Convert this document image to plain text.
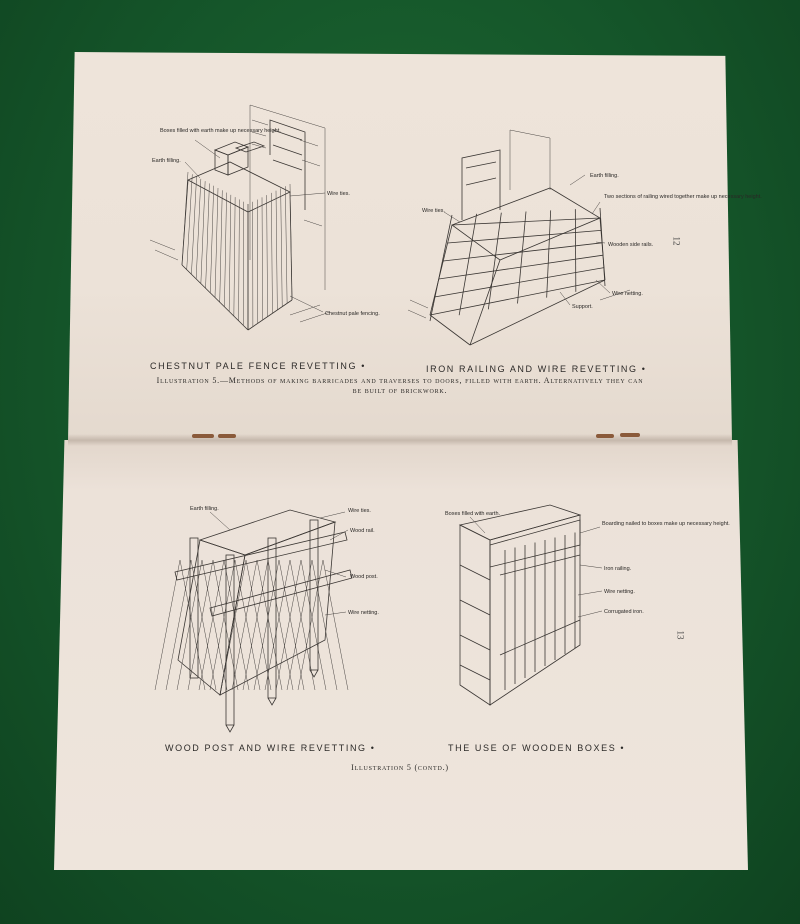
Boxes filled with earth make up necessary height.
Earth filling.
Wire ties.
Chestnut pale fencing.
Earth filling.
Wire ties.
Two sections of railing wired together make up necessary height.
Wooden side rails.
Wire netting.
Support.
12
CHESTNUT PALE FENCE REVETTING •	IRON RAILING AND WIRE REVETTING •
Illustration 5.—Methods of making barricades and traverses to doors, filled with earth. Alternatively they can
be built of brickwork.
Earth filling.	Wire ties.
Wood rail.
Wood post.
Wire netting.
Boxes filled with earth.
Boarding nailed to boxes make up necessary height.
Iron railing.
Wire netting.
Corrugated iron.
13
WOOD POST AND WIRE REVETTING •	THE USE OF WOODEN BOXES •
Illustration 5 (contd.)
